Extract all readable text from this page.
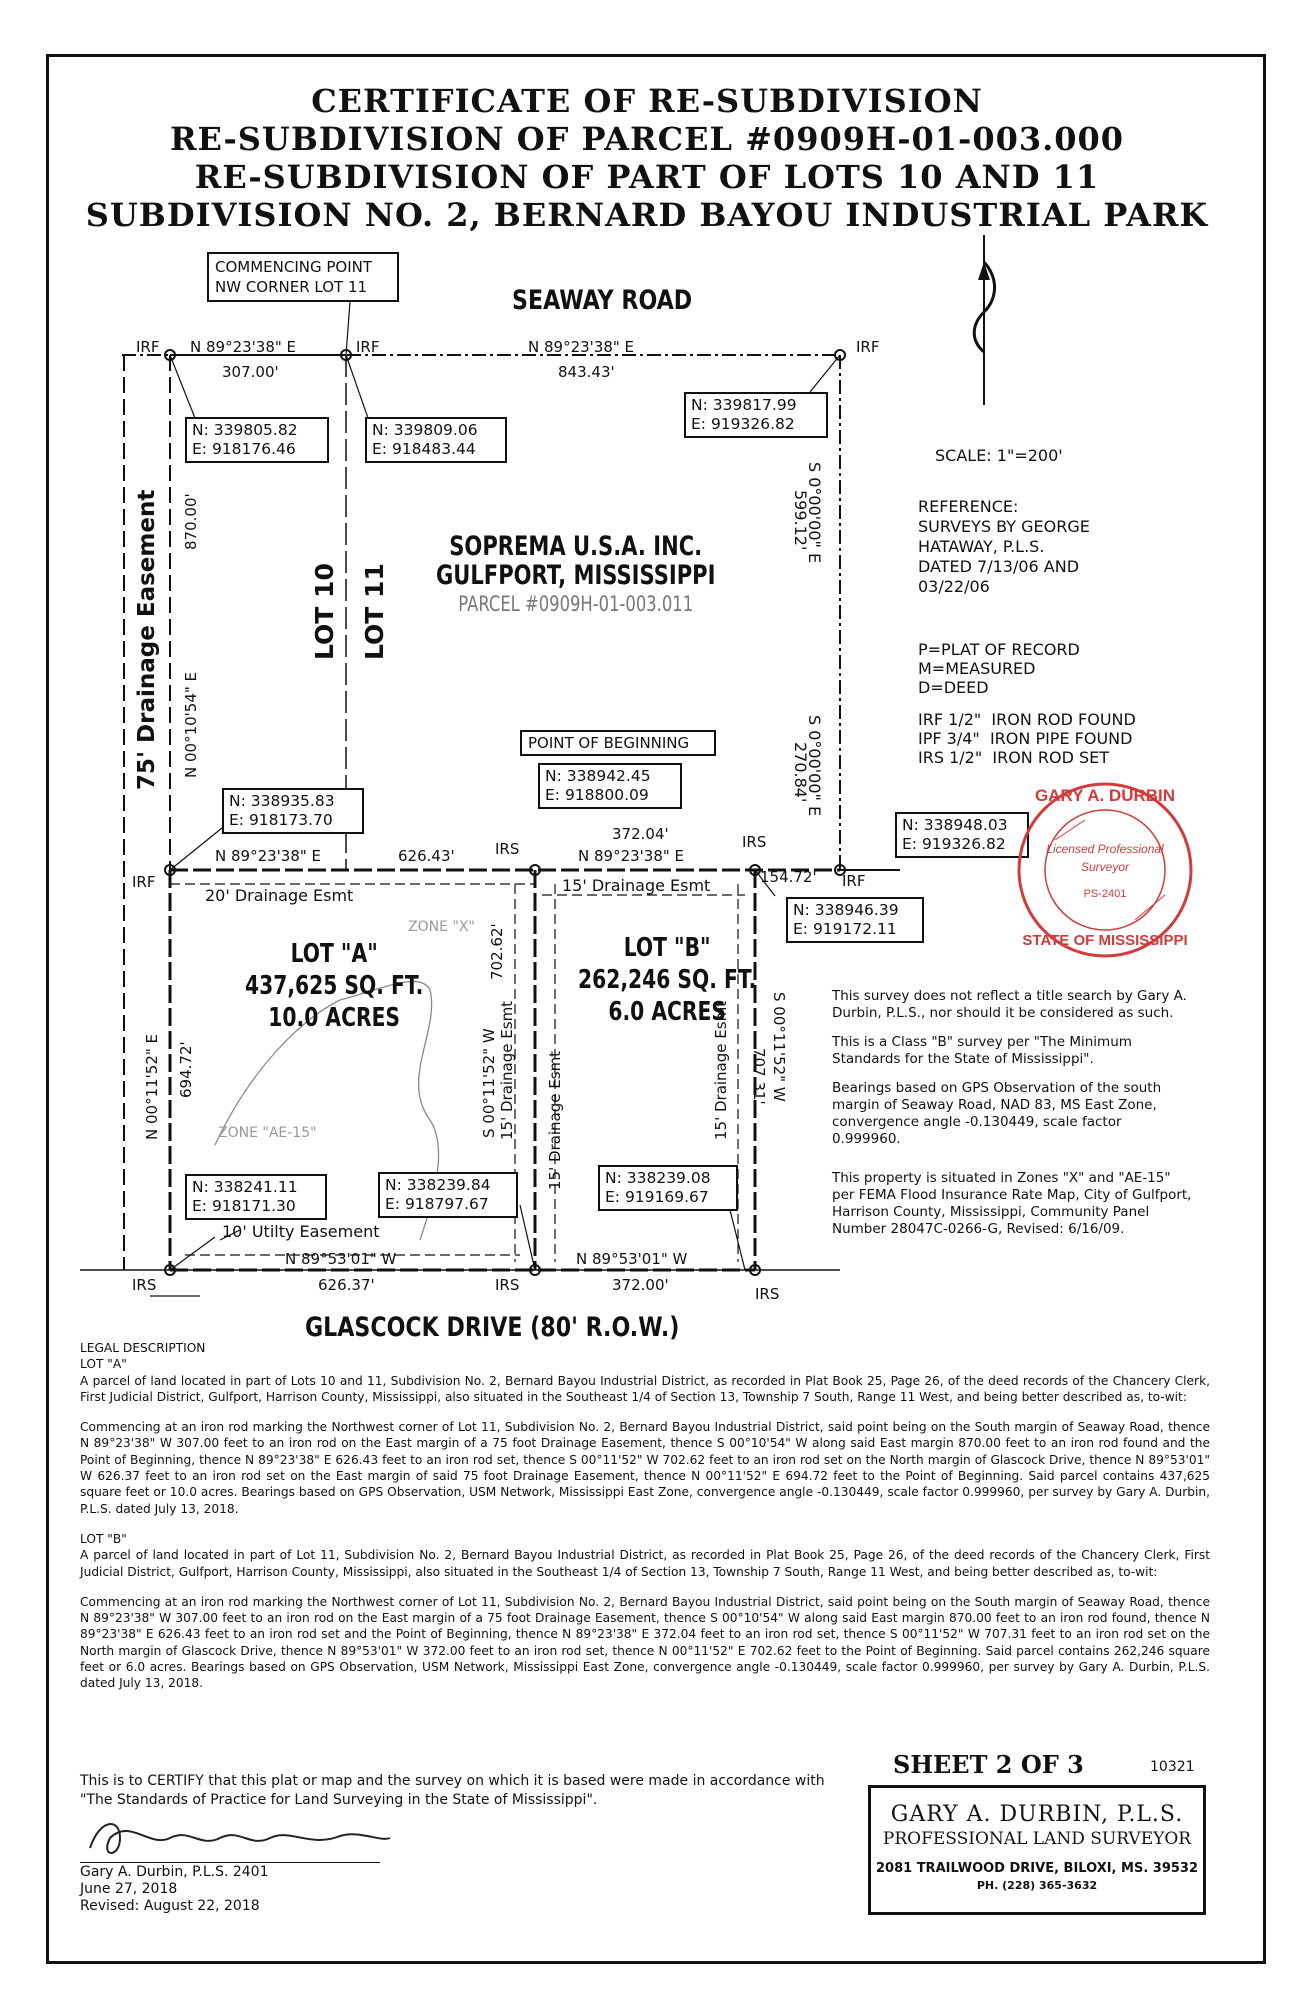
CERTIFICATE OF RE-SUBDIVISION
RE-SUBDIVISION OF PARCEL #0909H-01-003.000
RE-SUBDIVISION OF PART OF LOTS 10 AND 11
SUBDIVISION NO. 2, BERNARD BAYOU INDUSTRIAL PARK
COMMENCING POINT
NW CORNER LOT 11	SEAWAY ROAD
IRF N 89°23'38" E
307.00'
IRF	N 89°23'38" E
843.43'
IRF
N: 339805.82
E: 918176.46
N: 339809.06
E: 918483.44
N: 339817.99
E: 919326.82
75' Drainage Easement N 00°10'54" E
870.00'
LOT 10 LOT 11
SOPREMA U.S.A. INC.
GULFPORT, MISSISSIPPI
PARCEL #0909H-01-003.011
S 0°00'00" E
599.12'
S 0°00'00" E
270.84'
SCALE: 1"=200'
REFERENCE:
SURVEYS BY GEORGE
HATAWAY, P.L.S.
DATED 7/13/06 AND
03/22/06
P=PLAT OF RECORD
M=MEASURED
D=DEED
IRF 1/2" IRON ROD FOUND
IPF 3/4" IRON PIPE FOUND
IRS 1/2" IRON ROD SET
POINT OF BEGINNING
N: 338942.45
E: 918800.09
N: 338935.83
E: 918173.70	N: 338948.03
E: 919326.82
IRF
N 89°23'38" E	626.43'	IRS
372.04'
N 89°23'38" E
IRS
154.72' IRF
N: 338946.39
E: 919172.11
20' Drainage Esmt
15' Drainage Esmt
ZONE "X"
ZONE "AE-15"
LOT "A"
437,625 SQ. FT.
10.0 ACRES
LOT "B"
262,246 SQ. FT.
6.0 ACRES
N 00°11'52" E 694.72'	S 00°11'52" W
702.62'
15' Drainage Esmt 15' Drainage Esmt	15' Drainage Esmt	S 00°11'52" W
707.31'
N: 338241.11
E: 918171.30
N: 338239.84
E: 918797.67
N: 338239.08
E: 919169.67
10' Utilty Easement
N 89°53'01" W
626.37'
N 89°53'01" W
372.00'
IRS	IRS	IRS
GLASCOCK DRIVE (80' R.O.W.)
GARY A. DURBIN
Licensed Professional
Surveyor
PS-2401
STATE OF MISSISSIPPI

This survey does not reflect a title search by Gary A. Durbin, P.L.S., nor should it be considered as such.

This is a Class "B" survey per "The Minimum Standards for the State of Mississippi".

Bearings based on GPS Observation of the south margin of Seaway Road, NAD 83, MS East Zone, convergence angle -0.130449, scale factor 0.999960.

This property is situated in Zones "X" and "AE-15" per FEMA Flood Insurance Rate Map, City of Gulfport, Harrison County, Mississippi, Community Panel Number 28047C-0266-G, Revised: 6/16/09.

LEGAL DESCRIPTION
LOT "A"

A parcel of land located in part of Lots 10 and 11, Subdivision No. 2, Bernard Bayou Industrial District, as recorded in Plat Book 25, Page 26, of the deed records of the Chancery Clerk, First Judicial District, Gulfport, Harrison County, Mississippi, also situated in the Southeast 1/4 of Section 13, Township 7 South, Range 11 West, and being better described as, to-wit:

Commencing at an iron rod marking the Northwest corner of Lot 11, Subdivision No. 2, Bernard Bayou Industrial District, said point being on the South margin of Seaway Road, thence N 89°23'38" W 307.00 feet to an iron rod on the East margin of a 75 foot Drainage Easement, thence S 00°10'54" W along said East margin 870.00 feet to an iron rod found and the Point of Beginning, thence N 89°23'38" E 626.43 feet to an iron rod set, thence S 00°11'52" W 702.62 feet to an iron rod set on the North margin of Glascock Drive, thence N 89°53'01" W 626.37 feet to an iron rod set on the East margin of said 75 foot Drainage Easement, thence N 00°11'52" E 694.72 feet to the Point of Beginning. Said parcel contains 437,625 square feet or 10.0 acres. Bearings based on GPS Observation, USM Network, Mississippi East Zone, convergence angle -0.130449, scale factor 0.999960, per survey by Gary A. Durbin, P.L.S. dated July 13, 2018.

LOT "B"

A parcel of land located in part of Lot 11, Subdivision No. 2, Bernard Bayou Industrial District, as recorded in Plat Book 25, Page 26, of the deed records of the Chancery Clerk, First Judicial District, Gulfport, Harrison County, Mississippi, also situated in the Southeast 1/4 of Section 13, Township 7 South, Range 11 West, and being better described as, to-wit:

Commencing at an iron rod marking the Northwest corner of Lot 11, Subdivision No. 2, Bernard Bayou Industrial District, said point being on the South margin of Seaway Road, thence N 89°23'38" W 307.00 feet to an iron rod on the East margin of a 75 foot Drainage Easement, thence S 00°10'54" W along said East margin 870.00 feet to an iron rod found, thence N 89°23'38" E 626.43 feet to an iron rod set and the Point of Beginning, thence N 89°23'38" E 372.04 feet to an iron rod set, thence S 00°11'52" W 707.31 feet to an iron rod set on the North margin of Glascock Drive, thence N 89°53'01" W 372.00 feet to an iron rod set, thence N 00°11'52" E 702.62 feet to the Point of Beginning. Said parcel contains 262,246 square feet or 6.0 acres. Bearings based on GPS Observation, USM Network, Mississippi East Zone, convergence angle -0.130449, scale factor 0.999960, per survey by Gary A. Durbin, P.L.S. dated July 13, 2018.

This is to CERTIFY that this plat or map and the survey on which it is based were made in accordance with "The Standards of Practice for Land Surveying in the State of Mississippi".
Gary A. Durbin, P.L.S. 2401
June 27, 2018
Revised: August 22, 2018
SHEET 2 OF 3	10321
GARY A. DURBIN, P.L.S.
PROFESSIONAL LAND SURVEYOR
2081 TRAILWOOD DRIVE, BILOXI, MS. 39532
PH. (228) 365-3632
